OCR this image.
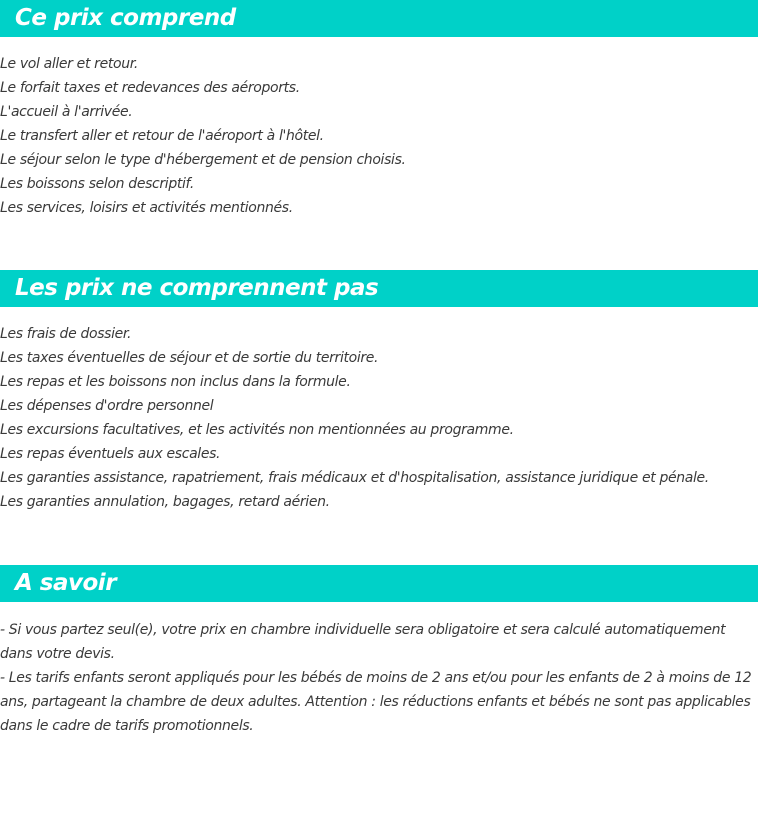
Ce prix comprend
Le vol aller et retour.
Le forfait taxes et redevances des aéroports.
L'accueil à l'arrivée.
Le transfert aller et retour de l'aéroport à l'hôtel.
Le séjour selon le type d'hébergement et de pension choisis.
Les boissons selon descriptif.
Les services, loisirs et activités mentionnés.
Les prix ne comprennent pas
Les frais de dossier.
Les taxes éventuelles de séjour et de sortie du territoire.
Les repas et les boissons non inclus dans la formule.
Les dépenses d'ordre personnel
Les excursions facultatives, et les activités non mentionnées au programme.
Les repas éventuels aux escales.
Les garanties assistance, rapatriement, frais médicaux et d'hospitalisation, assistance juridique et pénale.
Les garanties annulation, bagages, retard aérien.
A savoir

- Si vous partez seul(e), votre prix en chambre individuelle sera obligatoire et sera calculé automatiquement dans votre devis.

- Les tarifs enfants seront appliqués pour les bébés de moins de 2 ans et/ou pour les enfants de 2 à moins de 12 ans, partageant la chambre de deux adultes. Attention : les réductions enfants et bébés ne sont pas applicables dans le cadre de tarifs promotionnels.
